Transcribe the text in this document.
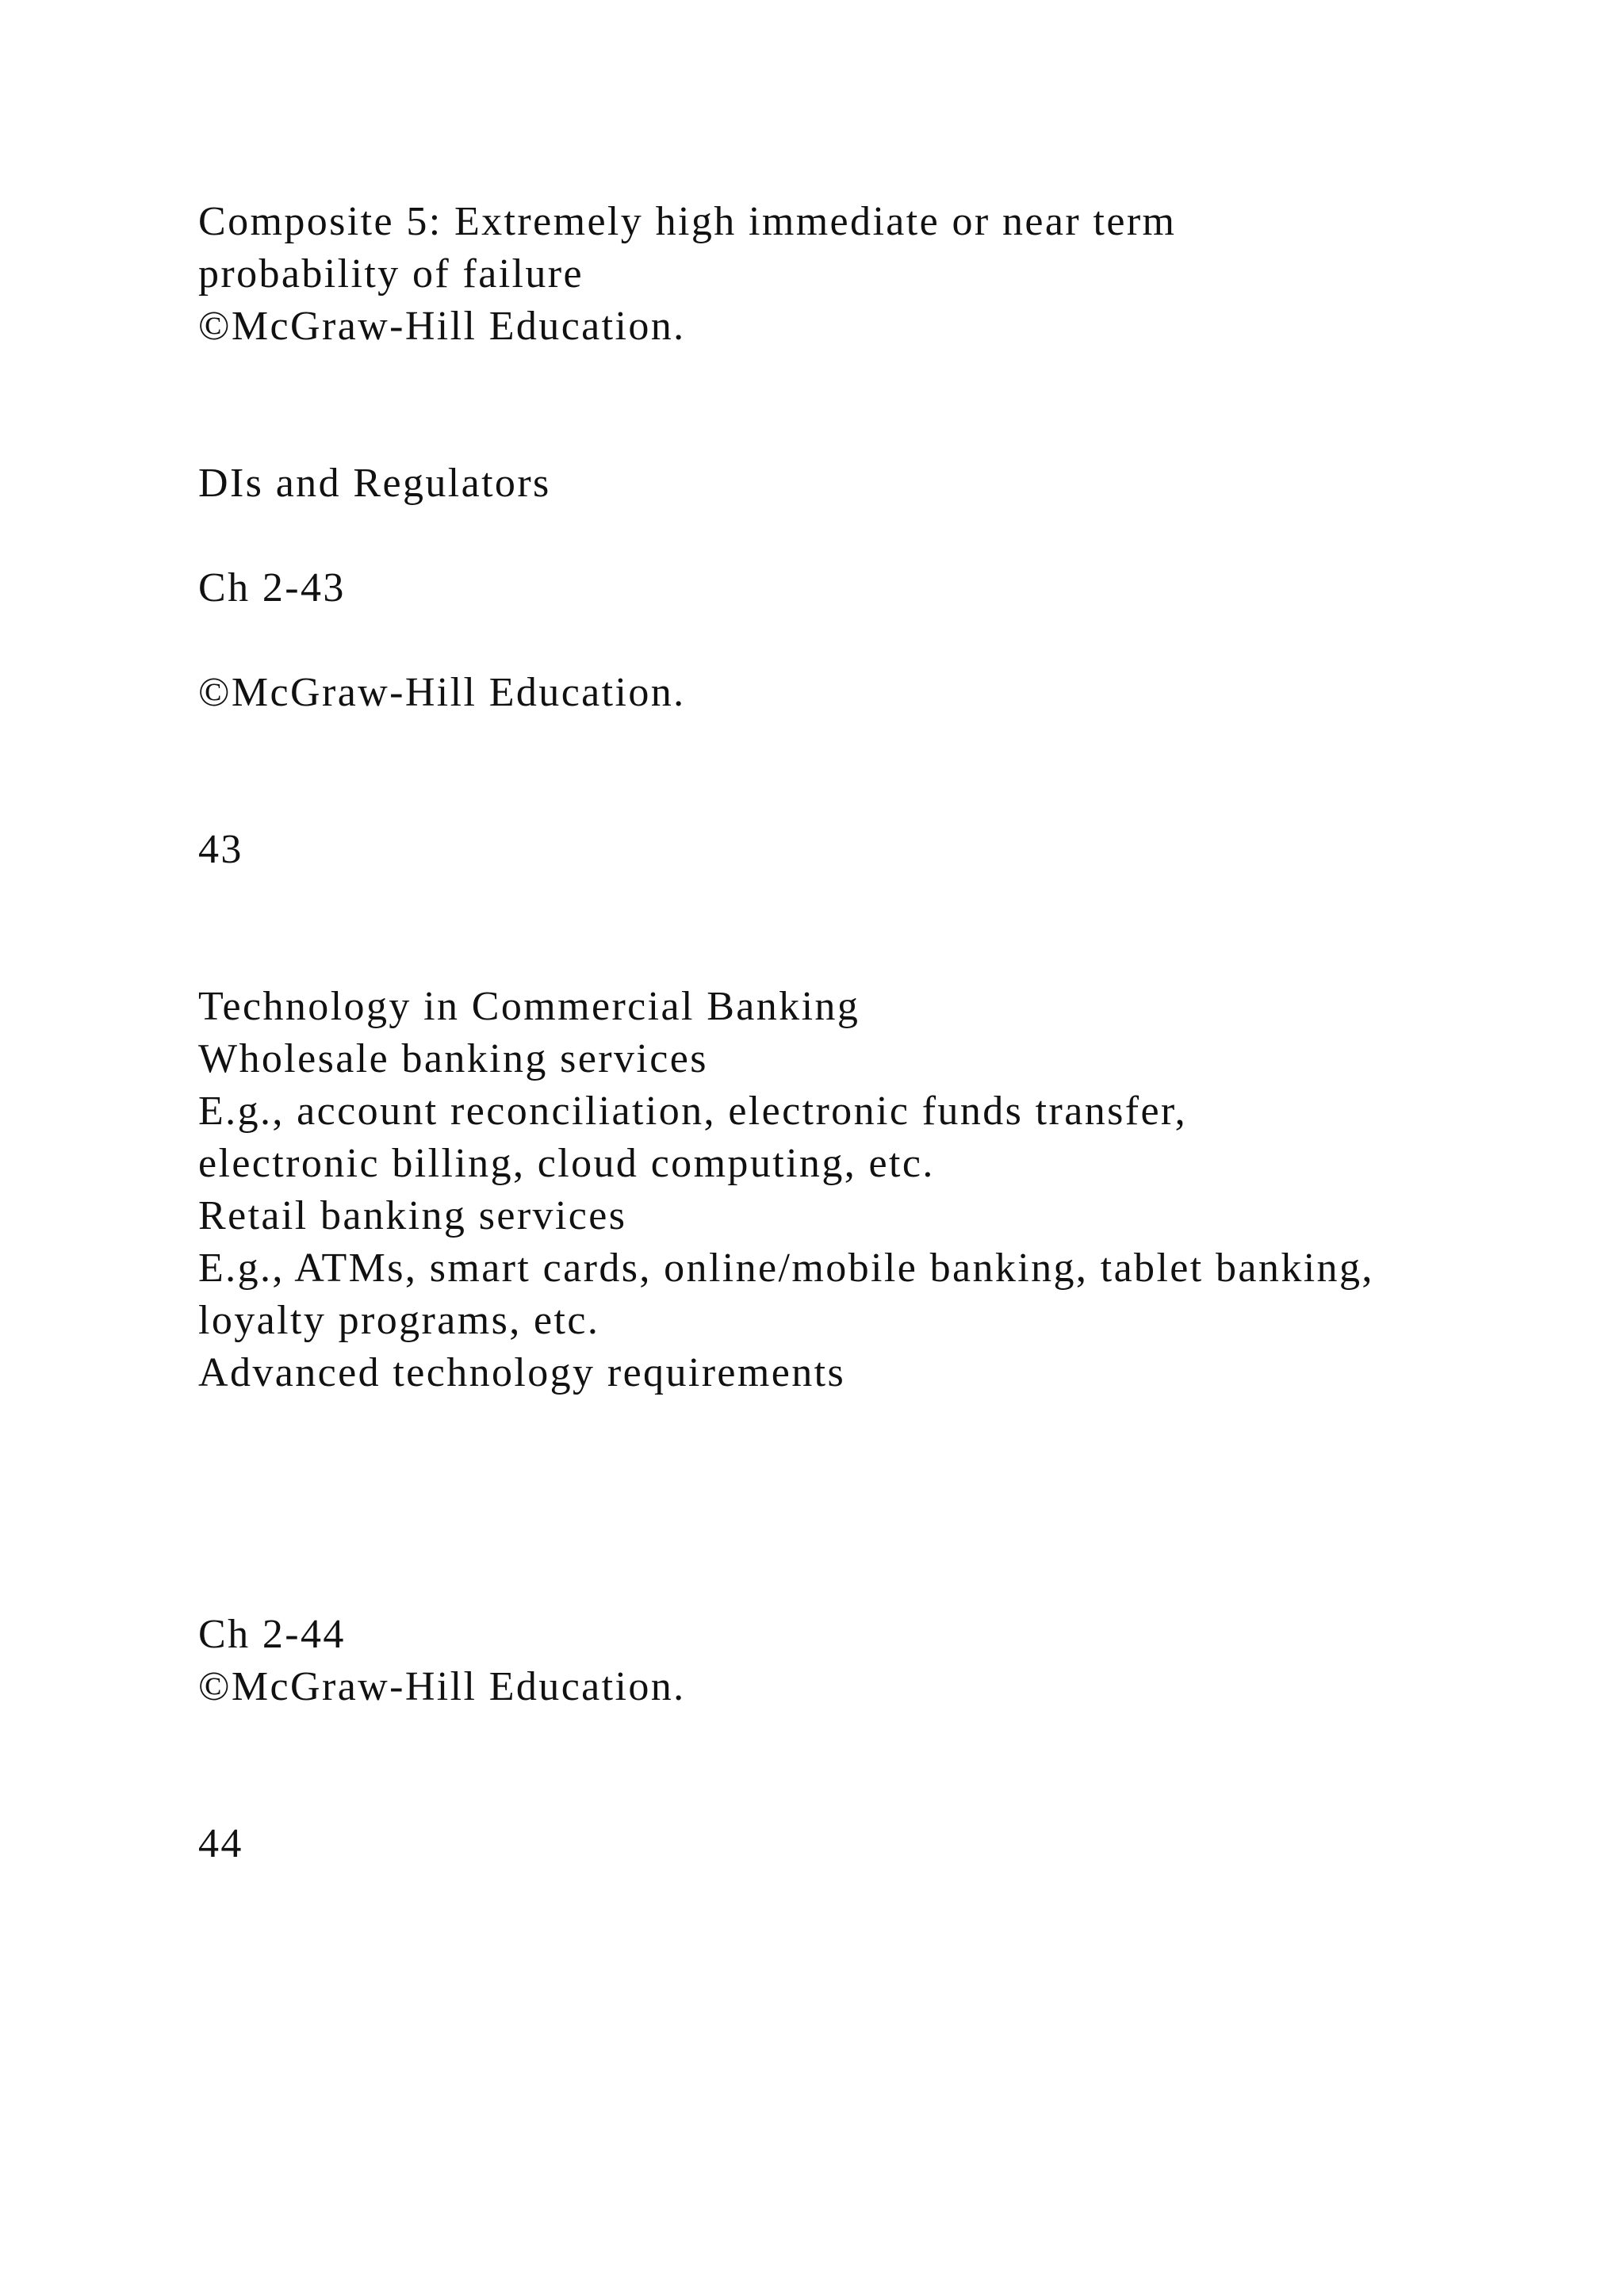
Composite 5: Extremely high immediate or near term

probability of failure

©McGraw-Hill Education.

DIs and Regulators

Ch 2-43

©McGraw-Hill Education.

43

Technology in Commercial Banking

Wholesale banking services

E.g., account reconciliation, electronic funds transfer,

electronic billing, cloud computing, etc.

Retail banking services

E.g., ATMs, smart cards, online/mobile banking, tablet banking,

loyalty programs, etc.

Advanced technology requirements

Ch 2-44

©McGraw-Hill Education.

44
